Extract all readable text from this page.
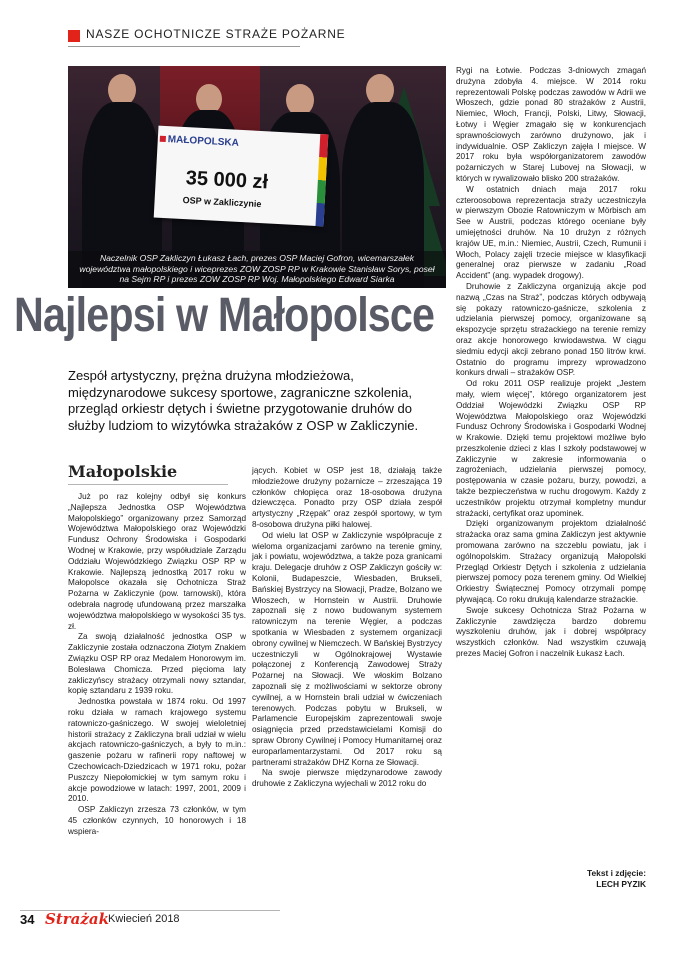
NASZE OCHOTNICZE STRAŻE POŻARNE
MAŁOPOLSKA
35 000 zł
OSP w Zakliczynie
Naczelnik OSP Zakliczyn Łukasz Łach, prezes OSP Maciej Gofron, wicemarszałek województwa małopolskiego i wiceprezes ZOW ZOSP RP w Krakowie Stanisław Sorys, poseł na Sejm RP i prezes ZOW ZOSP RP Woj. Małopolskiego Edward Siarka
Najlepsi w Małopolsce
Zespół artystyczny, prężna drużyna młodzieżowa, międzynarodowe sukcesy sportowe, zagraniczne szkolenia, przegląd orkiestr dętych i świetne przygotowanie druhów do służby ludziom to wizytówka strażaków z OSP w Zakliczynie.
Małopolskie

Już po raz kolejny odbył się konkurs „Najlepsza Jednostka OSP Województwa Małopolskiego” organizowany przez Samorząd Województwa Małopolskiego oraz Wojewódzki Fundusz Ochrony Środowiska i Gospodarki Wodnej w Krakowie, przy współudziale Zarządu Oddziału Wojewódzkiego Związku OSP RP w Krakowie. Najlepszą jednostką 2017 roku w Małopolsce okazała się Ochotnicza Straż Pożarna w Zakliczynie (pow. tarnowski), która odebrała nagrodę ufundowaną przez marszałka województwa małopolskiego w wysokości 35 tys. zł.

Za swoją działalność jednostka OSP w Zakliczynie została odznaczona Złotym Znakiem Związku OSP RP oraz Medalem Honorowym im. Bolesława Chomicza. Przed pięcioma laty zakliczyńscy strażacy otrzymali nowy sztandar, kopię sztandaru z 1939 roku.

Jednostka powstała w 1874 roku. Od 1997 roku działa w ramach krajowego systemu ratowniczo-gaśniczego. W swojej wieloletniej historii strażacy z Zakliczyna brali udział w wielu akcjach ratowniczo-gaśniczych, a były to m.in.: gaszenie pożaru w rafinerii ropy naftowej w Czechowicach-Dziedzicach w 1971 roku, pożar Puszczy Niepołomickiej w tym samym roku i akcje powodziowe w latach: 1997, 2001, 2009 i 2010.

OSP Zakliczyn zrzesza 73 członków, w tym 45 członków czynnych, 10 honorowych i 18 wspiera-

jących. Kobiet w OSP jest 18, działają także młodzieżowe drużyny pożarnicze – zrzeszająca 19 członków chłopięca oraz 18-osobowa drużyna dziewczęca. Ponadto przy OSP działa zespół artystyczny „Rzępak” oraz zespół sportowy, w tym 8-osobowa drużyna piłki halowej.

Od wielu lat OSP w Zakliczynie współpracuje z wieloma organizacjami zarówno na terenie gminy, jak i powiatu, województwa, a także poza granicami kraju. Delegacje druhów z OSP Zakliczyn gościły w: Kolonii, Budapeszcie, Wiesbaden, Brukseli, Bańskiej Bystrzycy na Słowacji, Pradze, Bolzano we Włoszech, w Hornstein w Austrii. Druhowie zapoznali się z nowo budowanym systemem ratowniczym na terenie Węgier, a podczas spotkania w Wiesbaden z systemem organizacji obrony cywilnej w Niemczech. W Bańskiej Bystrzycy uczestniczyli w Ogólnokrajowej Wystawie połączonej z Konferencją Zawodowej Straży Pożarnej na Słowacji. We włoskim Bolzano zapoznali się z możliwościami w sektorze obrony cywilnej, a w Hornstein brali udział w ćwiczeniach terenowych. Podczas pobytu w Brukseli, w Parlamencie Europejskim zaprezentowali swoje osiągnięcia przed przedstawicielami Komisji do spraw Obrony Cywilnej i Pomocy Humanitarnej oraz europarlamentarzystami. Od 2017 roku są partnerami strażaków DHZ Korna ze Słowacji.

Na swoje pierwsze międzynarodowe zawody druhowie z Zakliczyna wyjechali w 2012 roku do

Rygi na Łotwie. Podczas 3-dniowych zmagań drużyna zdobyła 4. miejsce. W 2014 roku reprezentowali Polskę podczas zawodów w Adrii we Włoszech, gdzie ponad 80 strażaków z Austrii, Niemiec, Włoch, Francji, Polski, Litwy, Słowacji, Łotwy i Węgier zmagało się w konkurencjach sprawnościowych zarówno drużynowo, jak i indywidualnie. OSP Zakliczyn zajęła I miejsce. W 2017 roku była współorganizatorem zawodów pożarniczych w Starej Lubovej na Słowacji, w których w rywalizowało blisko 200 strażaków.

W ostatnich dniach maja 2017 roku czteroosobowa reprezentacja straży uczestniczyła w pierwszym Obozie Ratowniczym w Mörbisch am See w Austrii, podczas którego oceniane były umiejętności druhów. Na 10 drużyn z różnych krajów UE, m.in.: Niemiec, Austrii, Czech, Rumunii i Włoch, Polacy zajęli trzecie miejsce w klasyfikacji generalnej oraz pierwsze w zadaniu „Road Accident” (ang. wypadek drogowy).

Druhowie z Zakliczyna organizują akcje pod nazwą „Czas na Strażˮ, podczas których odbywają się pokazy ratowniczo-gaśnicze, szkolenia z udzielania pierwszej pomocy, organizowane są ekspozycje sprzętu strażackiego na terenie remizy oraz akcje honorowego krwiodawstwa. W ciągu siedmiu edycji akcji zebrano ponad 150 litrów krwi. Ostatnio do programu imprezy wprowadzono konkurs drwali – strażaków OSP.

Od roku 2011 OSP realizuje projekt „Jestem mały, wiem więcej”, którego organizatorem jest Oddział Wojewódzki Związku OSP RP Województwa Małopolskiego oraz Wojewódzki Fundusz Ochrony Środowiska i Gospodarki Wodnej w Krakowie. Dzięki temu projektowi możliwe było przeszkolenie dzieci z klas I szkoły podstawowej w Zakliczynie w zakresie informowania o zagrożeniach, udzielania pierwszej pomocy, postępowania w czasie pożaru, burzy, powodzi, a także bezpieczeństwa w ruchu drogowym. Każdy z uczestników projektu otrzymał kompletny mundur strażacki, certyfikat oraz upominek.

Dzięki organizowanym projektom działalność strażacka oraz sama gmina Zakliczyn jest aktywnie promowana zarówno na szczeblu powiatu, jak i ogólnopolskim. Strażacy organizują Małopolski Przegląd Orkiestr Dętych i szkolenia z udzielania pierwszej pomocy poza terenem gminy. Od Wielkiej Orkiestry Świątecznej Pomocy otrzymali pompę pływającą. Co roku drukują kalendarze strażackie.

Swoje sukcesy Ochotnicza Straż Pożarna w Zakliczynie zawdzięcza bardzo dobremu wyszkoleniu druhów, jak i dobrej współpracy wszystkich członków. Nad wszystkim czuwają prezes Maciej Gofron i naczelnik Łukasz Łach.

Tekst i zdjęcie:
LECH PYZIK
34 Strażak
Kwiecień 2018
